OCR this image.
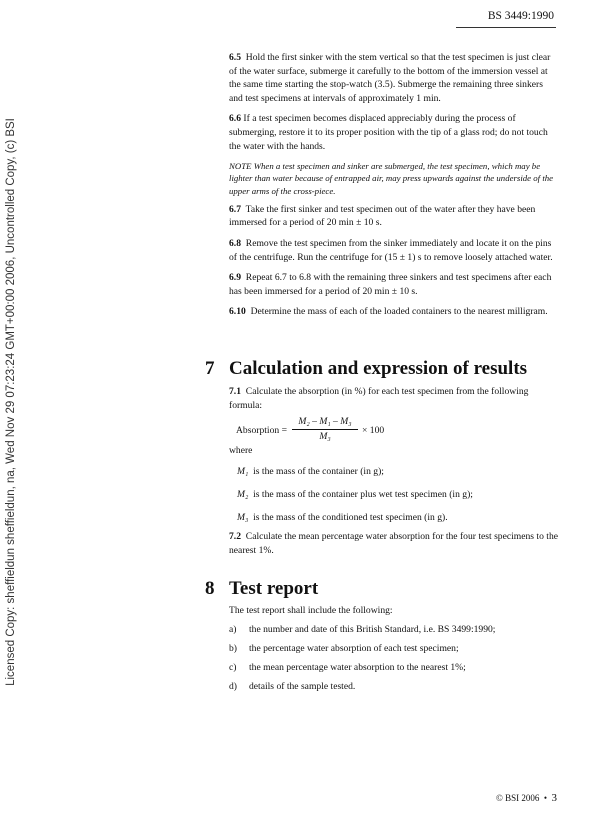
BS 3449:1990
Licensed Copy: sheffieldun sheffieldun, na, Wed Nov 29 07:23:24 GMT+00:00 2006, Uncontrolled Copy, (c) BSI

6.5 Hold the first sinker with the stem vertical so that the test specimen is just clear of the water surface, submerge it carefully to the bottom of the immersion vessel at the same time starting the stop-watch (3.5). Submerge the remaining three sinkers and test specimens at intervals of approximately 1 min.

6.6 If a test specimen becomes displaced appreciably during the process of submerging, restore it to its proper position with the tip of a glass rod; do not touch the water with the hands.

NOTE When a test specimen and sinker are submerged, the test specimen, which may be lighter than water because of entrapped air, may press upwards against the underside of the upper arms of the cross-piece.

6.7 Take the first sinker and test specimen out of the water after they have been immersed for a period of 20 min ± 10 s.

6.8 Remove the test specimen from the sinker immediately and locate it on the pins of the centrifuge. Run the centrifuge for (15 ± 1) s to remove loosely attached water.

6.9 Repeat 6.7 to 6.8 with the remaining three sinkers and test specimens after each has been immersed for a period of 20 min ± 10 s.

6.10 Determine the mass of each of the loaded containers to the nearest milligram.

7 Calculation and expression of results
7.1 Calculate the absorption (in %) for each test specimen from the following formula:
Absorption = $\frac{\text{M₂ – M₁ – M₃}}{\text{M₃}} \times 100$
where
M₁ is the mass of the container (in g);
M₂ is the mass of the container plus wet test specimen (in g);
M₃ is the mass of the conditioned test specimen (in g).
7.2 Calculate the mean percentage water absorption for the four test specimens to the nearest 1%.
8 Test report
The test report shall include the following:
a) the number and date of this British Standard, i.e. BS 3499:1990;
b) the percentage water absorption of each test specimen;
c) the mean percentage water absorption to the nearest 1%;
d) details of the sample tested.
© BSI 2006 • 3
